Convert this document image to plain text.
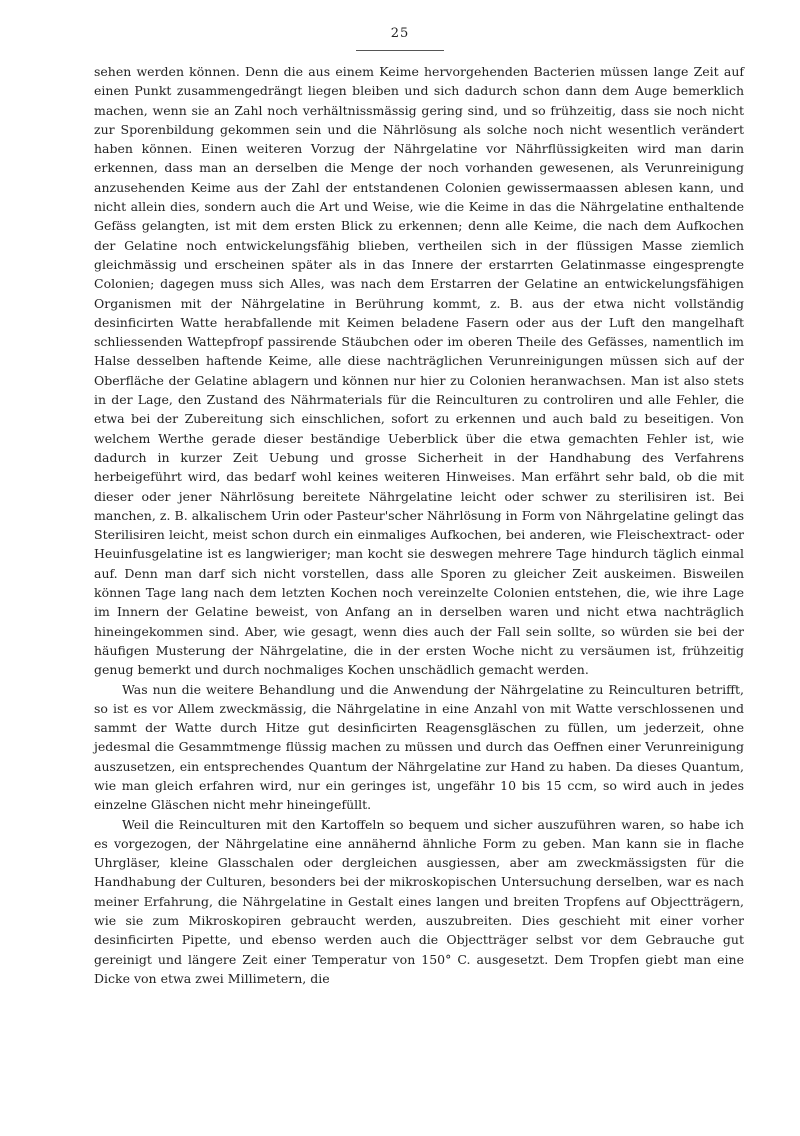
25

sehen werden können. Denn die aus einem Keime hervorgehenden Bacterien müssen lange Zeit auf einen Punkt zusammengedrängt liegen bleiben und sich dadurch schon dann dem Auge bemerklich machen, wenn sie an Zahl noch verhältnissmässig gering sind, und so frühzeitig, dass sie noch nicht zur Sporenbildung gekommen sein und die Nährlösung als solche noch nicht wesentlich verändert haben können. Einen weiteren Vorzug der Nährgelatine vor Nährflüssigkeiten wird man darin erkennen, dass man an derselben die Menge der noch vorhanden gewesenen, als Verunreinigung anzusehenden Keime aus der Zahl der entstandenen Colonien gewissermaassen ablesen kann, und nicht allein dies, sondern auch die Art und Weise, wie die Keime in das die Nährgelatine enthaltende Gefäss gelangten, ist mit dem ersten Blick zu erkennen; denn alle Keime, die nach dem Aufkochen der Gelatine noch entwickelungsfähig blieben, vertheilen sich in der flüssigen Masse ziemlich gleichmässig und erscheinen später als in das Innere der erstarrten Gelatinmasse eingesprengte Colonien; dagegen muss sich Alles, was nach dem Erstarren der Gelatine an entwickelungsfähigen Organismen mit der Nährgelatine in Berührung kommt, z. B. aus der etwa nicht vollständig desinficirten Watte herabfallende mit Keimen beladene Fasern oder aus der Luft den mangelhaft schliessenden Wattepfropf passirende Stäubchen oder im oberen Theile des Gefässes, namentlich im Halse desselben haftende Keime, alle diese nachträglichen Verunreinigungen müssen sich auf der Oberfläche der Gelatine ablagern und können nur hier zu Colonien heranwachsen. Man ist also stets in der Lage, den Zustand des Nährmaterials für die Reinculturen zu controliren und alle Fehler, die etwa bei der Zubereitung sich einschlichen, sofort zu erkennen und auch bald zu beseitigen. Von welchem Werthe gerade dieser beständige Ueberblick über die etwa gemachten Fehler ist, wie dadurch in kurzer Zeit Uebung und grosse Sicherheit in der Handhabung des Verfahrens herbeigeführt wird, das bedarf wohl keines weiteren Hinweises. Man erfährt sehr bald, ob die mit dieser oder jener Nährlösung bereitete Nährgelatine leicht oder schwer zu sterilisiren ist. Bei manchen, z. B. alkalischem Urin oder Pasteur'scher Nährlösung in Form von Nährgelatine gelingt das Sterilisiren leicht, meist schon durch ein einmaliges Aufkochen, bei anderen, wie Fleischextract- oder Heuinfusgelatine ist es langwieriger; man kocht sie deswegen mehrere Tage hindurch täglich einmal auf. Denn man darf sich nicht vorstellen, dass alle Sporen zu gleicher Zeit auskeimen. Bisweilen können Tage lang nach dem letzten Kochen noch vereinzelte Colonien entstehen, die, wie ihre Lage im Innern der Gelatine beweist, von Anfang an in derselben waren und nicht etwa nachträglich hineingekommen sind. Aber, wie gesagt, wenn dies auch der Fall sein sollte, so würden sie bei der häufigen Musterung der Nährgelatine, die in der ersten Woche nicht zu versäumen ist, frühzeitig genug bemerkt und durch nochmaliges Kochen unschädlich gemacht werden.

Was nun die weitere Behandlung und die Anwendung der Nährgelatine zu Reinculturen betrifft, so ist es vor Allem zweckmässig, die Nährgelatine in eine Anzahl von mit Watte verschlossenen und sammt der Watte durch Hitze gut desinficirten Reagensgläschen zu füllen, um jederzeit, ohne jedesmal die Gesammtmenge flüssig machen zu müssen und durch das Oeffnen einer Verunreinigung auszusetzen, ein entsprechendes Quantum der Nährgelatine zur Hand zu haben. Da dieses Quantum, wie man gleich erfahren wird, nur ein geringes ist, ungefähr 10 bis 15 ccm, so wird auch in jedes einzelne Gläschen nicht mehr hineingefüllt.

Weil die Reinculturen mit den Kartoffeln so bequem und sicher auszuführen waren, so habe ich es vorgezogen, der Nährgelatine eine annähernd ähnliche Form zu geben. Man kann sie in flache Uhrgläser, kleine Glasschalen oder dergleichen ausgiessen, aber am zweckmässigsten für die Handhabung der Culturen, besonders bei der mikroskopischen Untersuchung derselben, war es nach meiner Erfahrung, die Nährgelatine in Gestalt eines langen und breiten Tropfens auf Objectträgern, wie sie zum Mikroskopiren gebraucht werden, auszubreiten. Dies geschieht mit einer vorher desinficirten Pipette, und ebenso werden auch die Objectträger selbst vor dem Gebrauche gut gereinigt und längere Zeit einer Temperatur von 150° C. ausgesetzt. Dem Tropfen giebt man eine Dicke von etwa zwei Millimetern, die
